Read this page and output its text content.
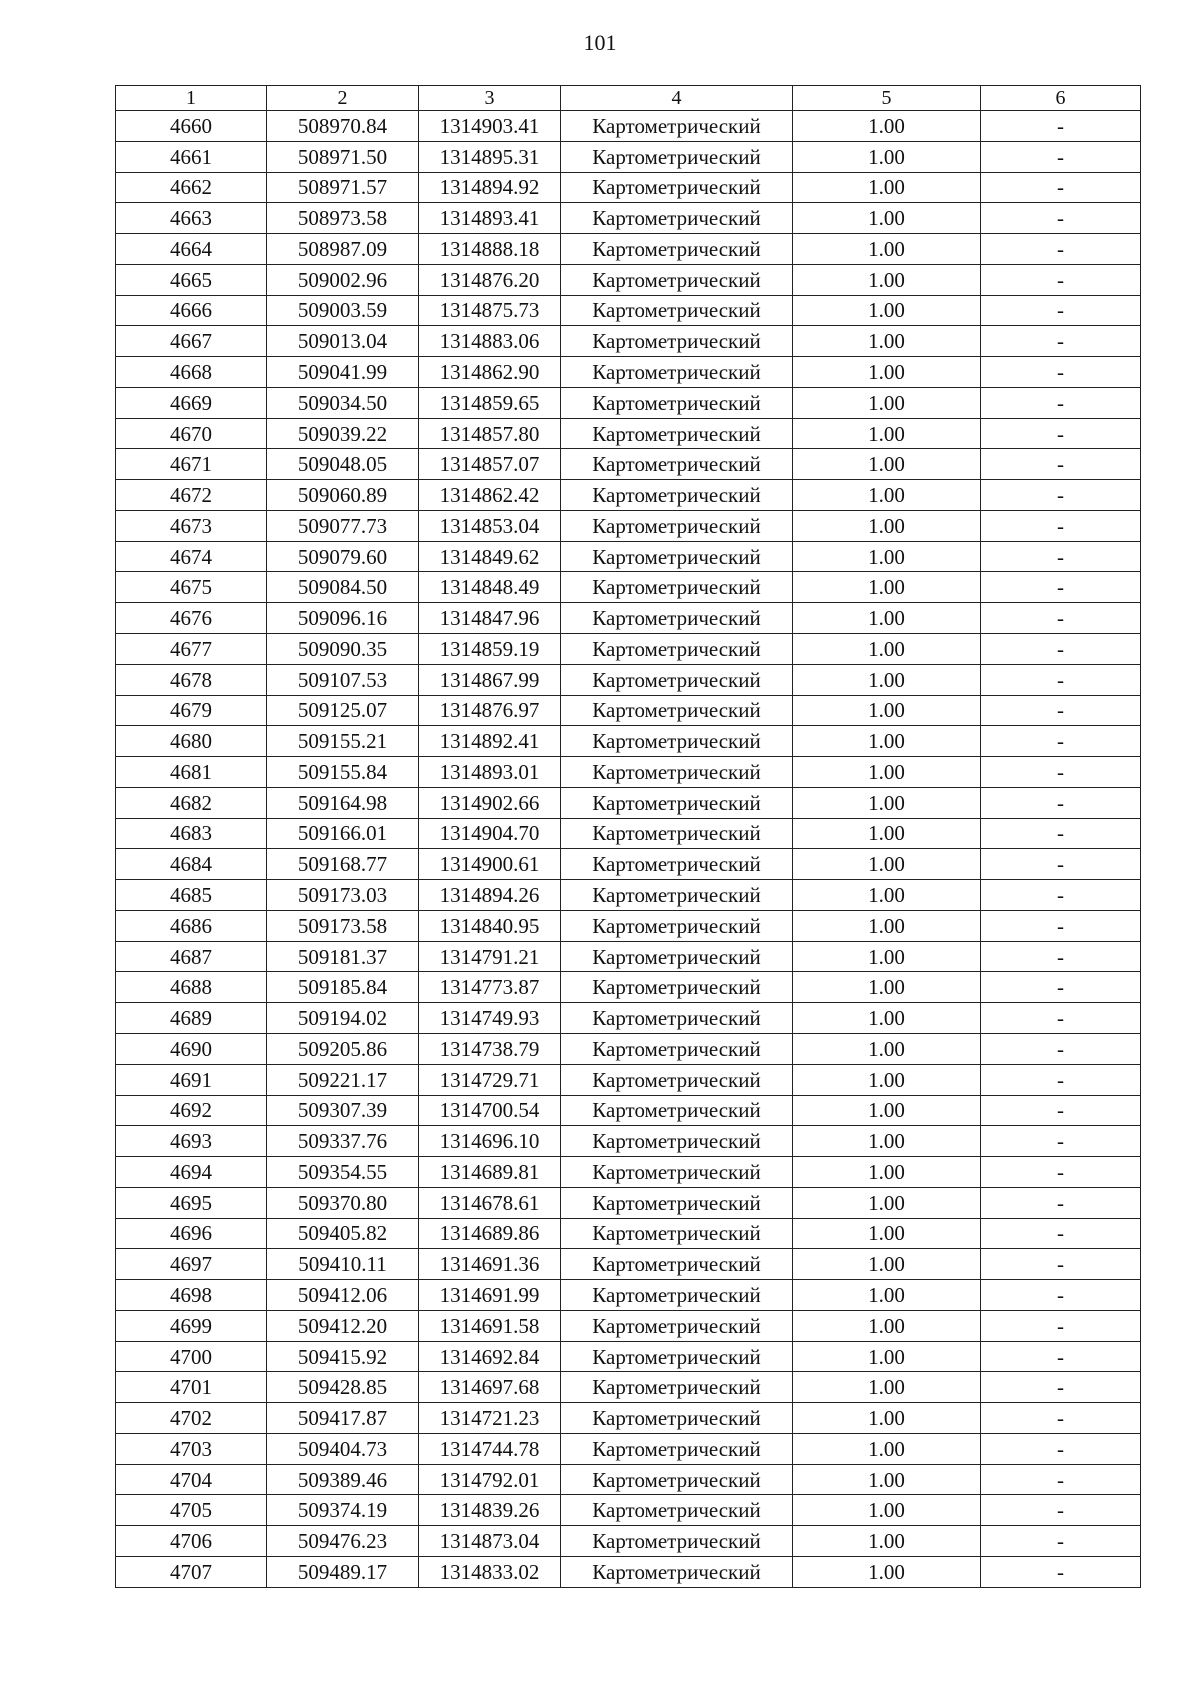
101
1	2	3	4	5	6
4660	508970.84	1314903.41	Картометрический	1.00	-
4661	508971.50	1314895.31	Картометрический	1.00	-
4662	508971.57	1314894.92	Картометрический	1.00	-
4663	508973.58	1314893.41	Картометрический	1.00	-
4664	508987.09	1314888.18	Картометрический	1.00	-
4665	509002.96	1314876.20	Картометрический	1.00	-
4666	509003.59	1314875.73	Картометрический	1.00	-
4667	509013.04	1314883.06	Картометрический	1.00	-
4668	509041.99	1314862.90	Картометрический	1.00	-
4669	509034.50	1314859.65	Картометрический	1.00	-
4670	509039.22	1314857.80	Картометрический	1.00	-
4671	509048.05	1314857.07	Картометрический	1.00	-
4672	509060.89	1314862.42	Картометрический	1.00	-
4673	509077.73	1314853.04	Картометрический	1.00	-
4674	509079.60	1314849.62	Картометрический	1.00	-
4675	509084.50	1314848.49	Картометрический	1.00	-
4676	509096.16	1314847.96	Картометрический	1.00	-
4677	509090.35	1314859.19	Картометрический	1.00	-
4678	509107.53	1314867.99	Картометрический	1.00	-
4679	509125.07	1314876.97	Картометрический	1.00	-
4680	509155.21	1314892.41	Картометрический	1.00	-
4681	509155.84	1314893.01	Картометрический	1.00	-
4682	509164.98	1314902.66	Картометрический	1.00	-
4683	509166.01	1314904.70	Картометрический	1.00	-
4684	509168.77	1314900.61	Картометрический	1.00	-
4685	509173.03	1314894.26	Картометрический	1.00	-
4686	509173.58	1314840.95	Картометрический	1.00	-
4687	509181.37	1314791.21	Картометрический	1.00	-
4688	509185.84	1314773.87	Картометрический	1.00	-
4689	509194.02	1314749.93	Картометрический	1.00	-
4690	509205.86	1314738.79	Картометрический	1.00	-
4691	509221.17	1314729.71	Картометрический	1.00	-
4692	509307.39	1314700.54	Картометрический	1.00	-
4693	509337.76	1314696.10	Картометрический	1.00	-
4694	509354.55	1314689.81	Картометрический	1.00	-
4695	509370.80	1314678.61	Картометрический	1.00	-
4696	509405.82	1314689.86	Картометрический	1.00	-
4697	509410.11	1314691.36	Картометрический	1.00	-
4698	509412.06	1314691.99	Картометрический	1.00	-
4699	509412.20	1314691.58	Картометрический	1.00	-
4700	509415.92	1314692.84	Картометрический	1.00	-
4701	509428.85	1314697.68	Картометрический	1.00	-
4702	509417.87	1314721.23	Картометрический	1.00	-
4703	509404.73	1314744.78	Картометрический	1.00	-
4704	509389.46	1314792.01	Картометрический	1.00	-
4705	509374.19	1314839.26	Картометрический	1.00	-
4706	509476.23	1314873.04	Картометрический	1.00	-
4707	509489.17	1314833.02	Картометрический	1.00	-
